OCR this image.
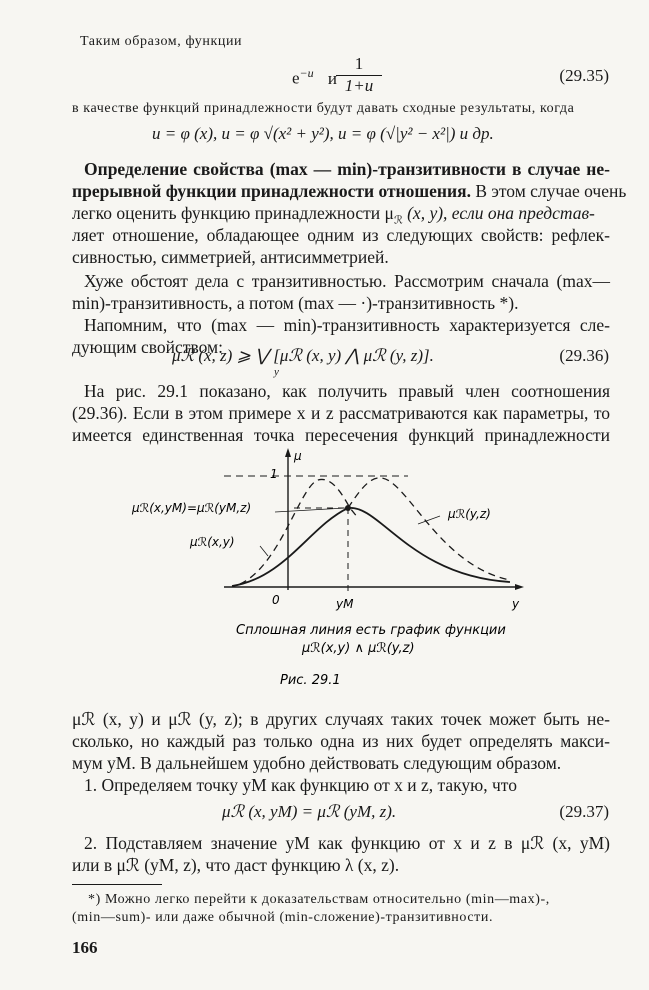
Таким образом, функции
$e^{-u}$ и
$\frac{1}{1+u}$	(29.35)
в качестве функций принадлежности будут давать сходные результаты, когда
u = φ (x), u = φ √(x² + y²), u = φ (√|y² − x²|) и др.
Определение свойства (max — min)-транзитивности в случае не-
прерывной функции принадлежности отношения. В этом случае очень
легко оценить функцию принадлежности $\mu_ℛ$ (x, y), если она представ-
ляет отношение, обладающее одним из следующих свойств: рефлек-
сивностью, симметрией, антисимметрией.
Хуже обстоят дела с транзитивностью. Рассмотрим сначала (max—
min)-транзитивность, а потом (max — ·)-транзитивность *).
Напомним, что (max — min)-транзитивность характеризуется сле-
дующим свойством:
μℛ (x, z) ⩾ ⋁ [μℛ (x, y) ⋀ μℛ (y, z)].
y
(29.36)
На рис. 29.1 показано, как получить правый член соотношения
(29.36). Если в этом примере x и z рассматриваются как параметры, то
имеется единственная точка пересечения функций принадлежности
μ
1
0	yM	y
μℛ(x,yM)=μℛ(yM,z)
μℛ(x,y)
μℛ(y,z)
Сплошная линия есть график функции
μℛ(x,y) ∧ μℛ(y,z)
Рис. 29.1
μℛ (x, y) и μℛ (y, z); в других случаях таких точек может быть не-
сколько, но каждый раз только одна из них будет определять макси-
мум yM. В дальнейшем удобно действовать следующим образом.
1. Определяем точку yM как функцию от x и z, такую, что
μℛ (x, yM) = μℛ (yM, z).	(29.37)
2. Подставляем значение yM как функцию от x и z в μℛ (x, yM)
или в μℛ (yM, z), что даст функцию λ (x, z).
*) Можно легко перейти к доказательствам относительно (min—max)-,
(min—sum)- или даже обычной (min-сложение)-транзитивности.
166
